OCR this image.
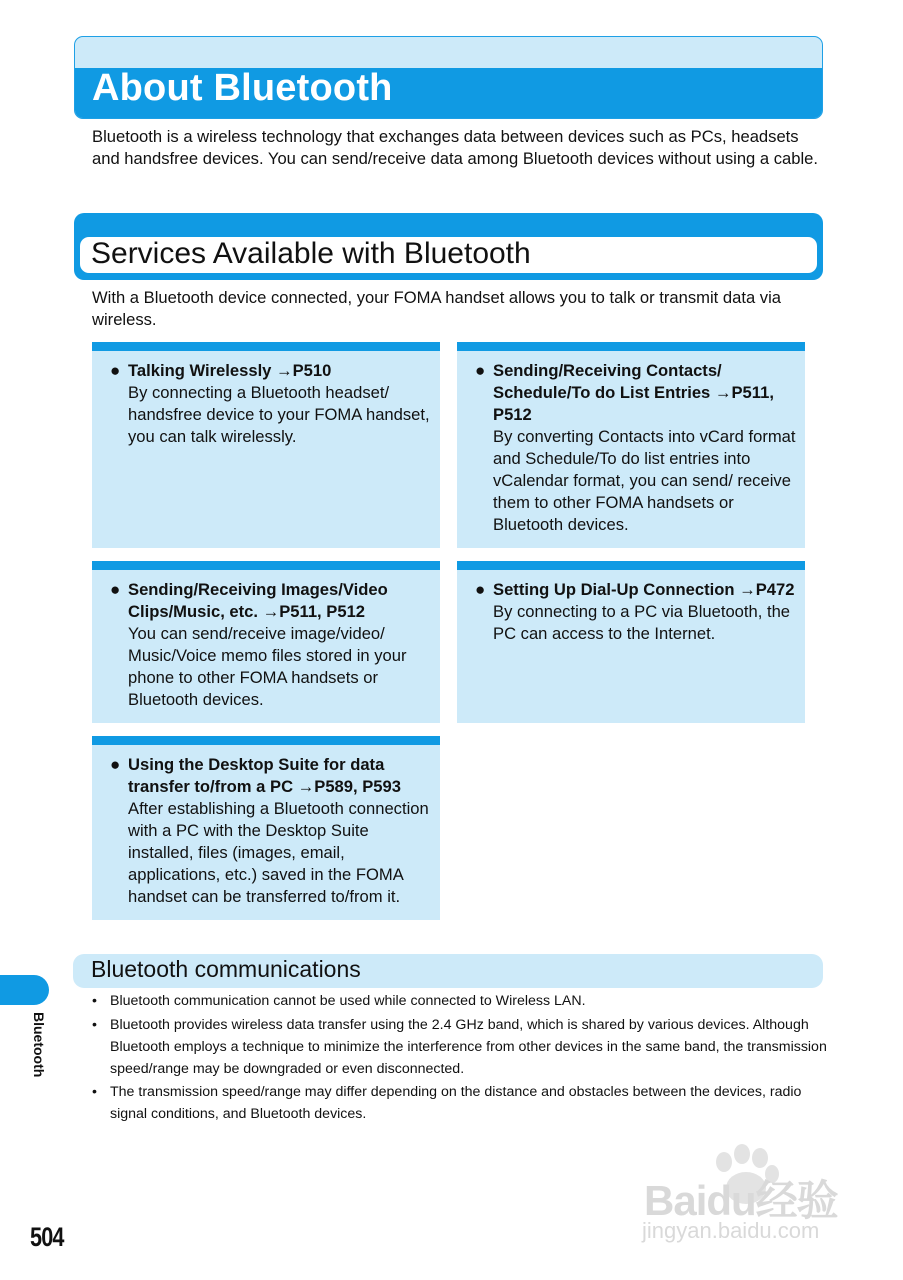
About Bluetooth

Bluetooth is a wireless technology that exchanges data between devices such as PCs, headsets and handsfree devices. You can send/receive data among Bluetooth devices without using a cable.

Services Available with Bluetooth

With a Bluetooth device connected, your FOMA handset allows you to talk or transmit data via wireless.

● Talking Wirelessly →P510
By connecting a Bluetooth headset/ handsfree device to your FOMA handset, you can talk wirelessly.
● Sending/Receiving Contacts/ Schedule/To do List Entries →P511, P512
By converting Contacts into vCard format and Schedule/To do list entries into vCalendar format, you can send/ receive them to other FOMA handsets or Bluetooth devices.
● Sending/Receiving Images/Video Clips/Music, etc. →P511, P512
You can send/receive image/video/ Music/Voice memo files stored in your phone to other FOMA handsets or Bluetooth devices.
● Setting Up Dial-Up Connection →P472
By connecting to a PC via Bluetooth, the PC can access to the Internet.
● Using the Desktop Suite for data transfer to/from a PC →P589, P593
After establishing a Bluetooth connection with a PC with the Desktop Suite installed, files (images, email, applications, etc.) saved in the FOMA handset can be transferred to/from it.
Bluetooth communications
• Bluetooth communication cannot be used while connected to Wireless LAN.
• Bluetooth provides wireless data transfer using the 2.4 GHz band, which is shared by various devices. Although Bluetooth employs a technique to minimize the interference from other devices in the same band, the transmission speed/range may be downgraded or even disconnected.
• The transmission speed/range may differ depending on the distance and obstacles between the devices, radio signal conditions, and Bluetooth devices.
Bluetooth

504

Baidu经验
jingyan.baidu.com
